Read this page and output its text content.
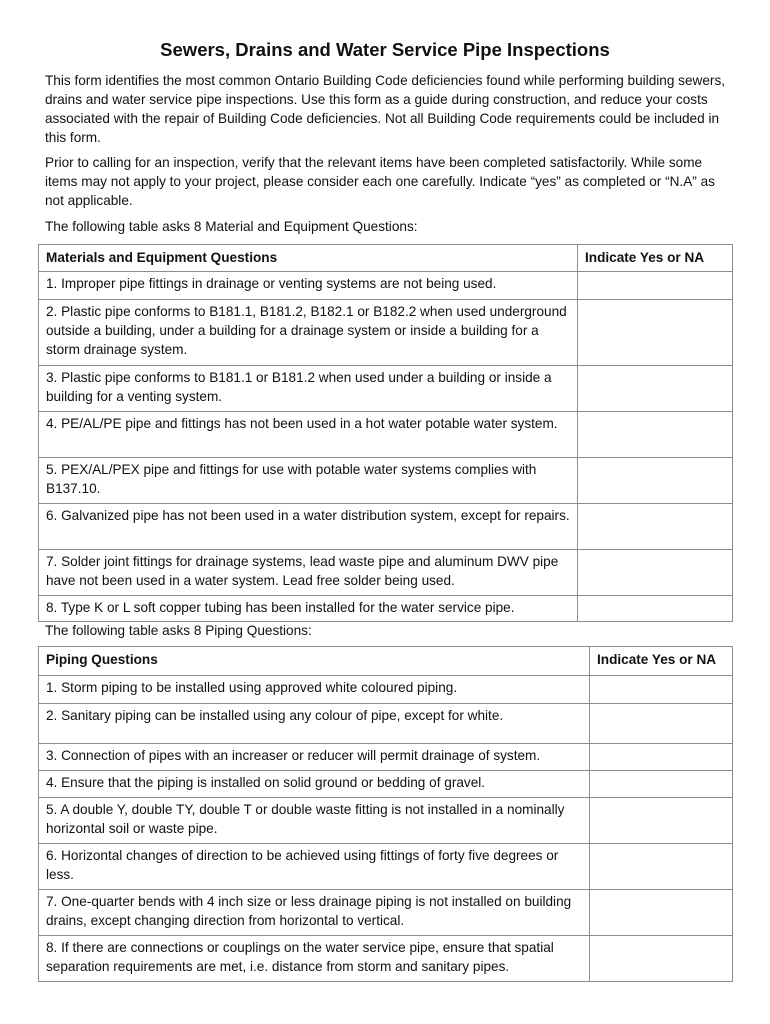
Sewers, Drains and Water Service Pipe Inspections

This form identifies the most common Ontario Building Code deficiencies found while performing building sewers, drains and water service pipe inspections. Use this form as a guide during construction, and reduce your costs associated with the repair of Building Code deficiencies. Not all Building Code requirements could be included in this form.

Prior to calling for an inspection, verify that the relevant items have been completed satisfactorily. While some items may not apply to your project, please consider each one carefully. Indicate “yes” as completed or “N.A” as not applicable.

The following table asks 8 Material and Equipment Questions:

Materials and Equipment Questions	Indicate Yes or NA
1. Improper pipe fittings in drainage or venting systems are not being used.	
2. Plastic pipe conforms to B181.1, B181.2, B182.1 or B182.2 when used underground outside a building, under a building for a drainage system or inside a building for a storm drainage system.	
3. Plastic pipe conforms to B181.1 or B181.2 when used under a building or inside a building for a venting system.	
4. PE/AL/PE pipe and fittings has not been used in a hot water potable water system.	
5. PEX/AL/PEX pipe and fittings for use with potable water systems complies with B137.10.	
6. Galvanized pipe has not been used in a water distribution system, except for repairs.	
7. Solder joint fittings for drainage systems, lead waste pipe and aluminum DWV pipe have not been used in a water system. Lead free solder being used.	
8. Type K or L soft copper tubing has been installed for the water service pipe.	

The following table asks 8 Piping Questions:

Piping Questions	Indicate Yes or NA
1. Storm piping to be installed using approved white coloured piping.	
2. Sanitary piping can be installed using any colour of pipe, except for white.	
3. Connection of pipes with an increaser or reducer will permit drainage of system.	
4. Ensure that the piping is installed on solid ground or bedding of gravel.	
5. A double Y, double TY, double T or double waste fitting is not installed in a nominally horizontal soil or waste pipe.	
6. Horizontal changes of direction to be achieved using fittings of forty five degrees or less.	
7. One-quarter bends with 4 inch size or less drainage piping is not installed on building drains, except changing direction from horizontal to vertical.	
8. If there are connections or couplings on the water service pipe, ensure that spatial separation requirements are met, i.e. distance from storm and sanitary pipes.	
